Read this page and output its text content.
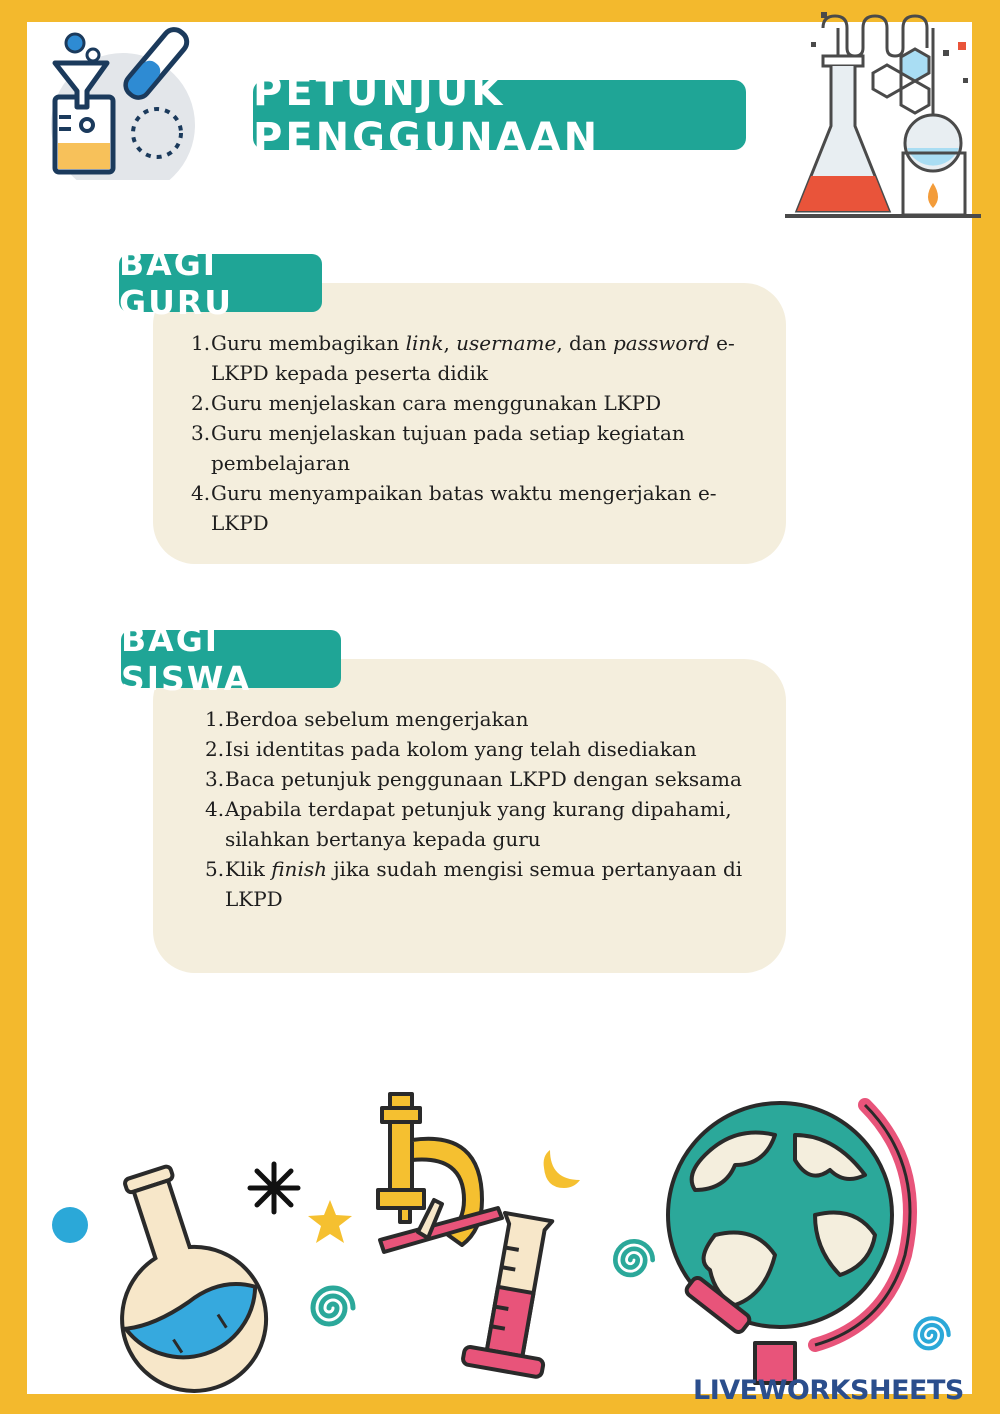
PETUNJUK PENGGUNAAN
BAGI GURU
1.Guru membagikan link, username, dan password e-LKPD kepada peserta didik
2.Guru menjelaskan cara menggunakan LKPD
3.Guru menjelaskan tujuan pada setiap kegiatan pembelajaran
4.Guru menyampaikan batas waktu mengerjakan e-LKPD
BAGI SISWA
1.Berdoa sebelum mengerjakan
2.Isi identitas pada kolom yang telah disediakan
3.Baca petunjuk penggunaan LKPD dengan seksama
4.Apabila terdapat petunjuk yang kurang dipahami, silahkan bertanya kepada guru
5.Klik finish jika sudah mengisi semua pertanyaan di LKPD
LIVEWORKSHEETS
